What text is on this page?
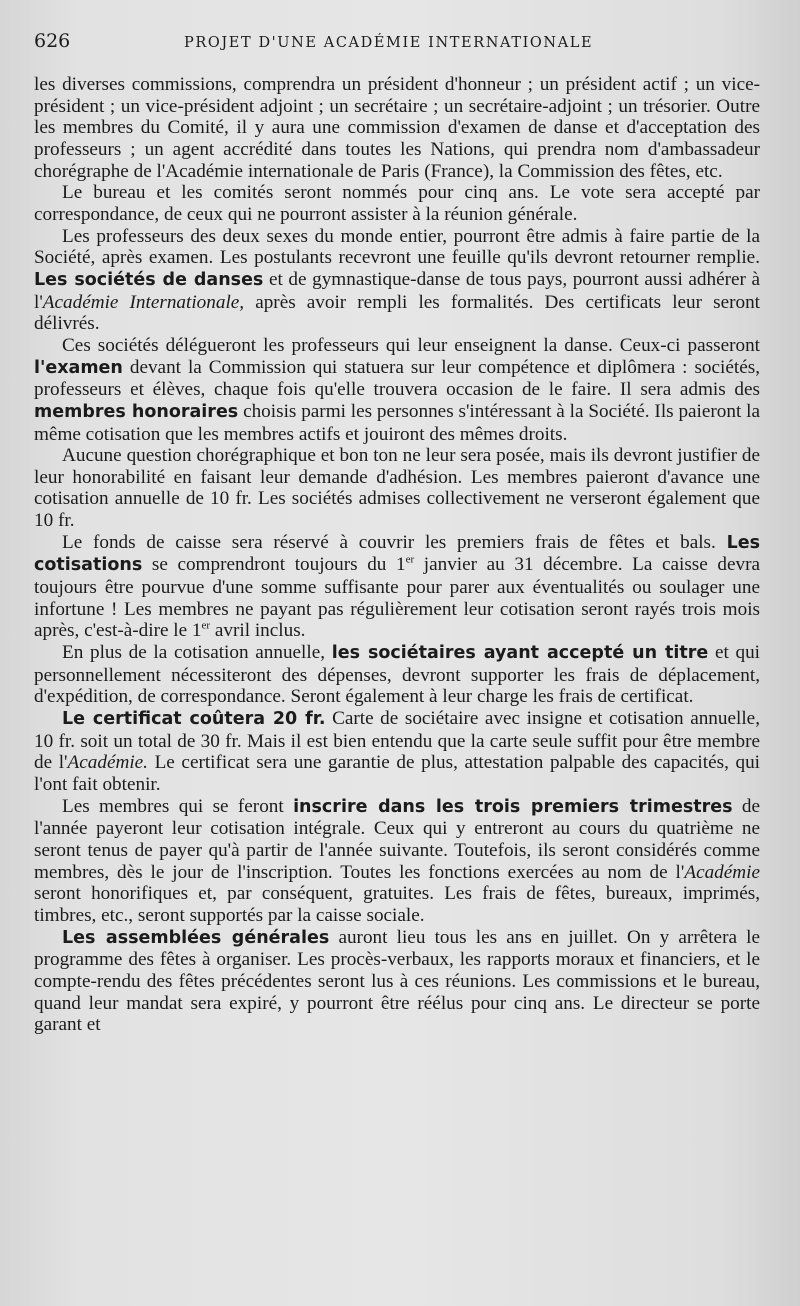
626	PROJET D'UNE ACADÉMIE INTERNATIONALE

les diverses commissions, comprendra un président d'honneur ; un président actif ; un vice-président ; un vice-président adjoint ; un secrétaire ; un secrétaire-adjoint ; un trésorier. Outre les membres du Comité, il y aura une commission d'examen de danse et d'acceptation des professeurs ; un agent accrédité dans toutes les Nations, qui prendra nom d'ambassadeur chorégraphe de l'Académie internationale de Paris (France), la Commission des fêtes, etc.

Le bureau et les comités seront nommés pour cinq ans. Le vote sera accepté par correspondance, de ceux qui ne pourront assister à la réunion générale.

Les professeurs des deux sexes du monde entier, pourront être admis à faire partie de la Société, après examen. Les postulants recevront une feuille qu'ils devront retourner remplie. Les sociétés de danses et de gymnastique-danse de tous pays, pourront aussi adhérer à l'Académie Internationale, après avoir rempli les formalités. Des certificats leur seront délivrés.

Ces sociétés délégueront les professeurs qui leur enseignent la danse. Ceux-ci passeront l'examen devant la Commission qui statuera sur leur compétence et diplômera : sociétés, professeurs et élèves, chaque fois qu'elle trouvera occasion de le faire. Il sera admis des membres honoraires choisis parmi les personnes s'intéressant à la Société. Ils paieront la même cotisation que les membres actifs et jouiront des mêmes droits.

Aucune question chorégraphique et bon ton ne leur sera posée, mais ils devront justifier de leur honorabilité en faisant leur demande d'adhésion. Les membres paieront d'avance une cotisation annuelle de 10 fr. Les sociétés admises collectivement ne verseront également que 10 fr.

Le fonds de caisse sera réservé à couvrir les premiers frais de fêtes et bals. Les cotisations se comprendront toujours du 1er janvier au 31 décembre. La caisse devra toujours être pourvue d'une somme suffisante pour parer aux éventualités ou soulager une infortune ! Les membres ne payant pas régulièrement leur cotisation seront rayés trois mois après, c'est-à-dire le 1er avril inclus.

En plus de la cotisation annuelle, les sociétaires ayant accepté un titre et qui personnellement nécessiteront des dépenses, devront supporter les frais de déplacement, d'expédition, de correspondance. Seront également à leur charge les frais de certificat.

Le certificat coûtera 20 fr. Carte de sociétaire avec insigne et cotisation annuelle, 10 fr. soit un total de 30 fr. Mais il est bien entendu que la carte seule suffit pour être membre de l'Académie. Le certificat sera une garantie de plus, attestation palpable des capacités, qui l'ont fait obtenir.

Les membres qui se feront inscrire dans les trois premiers trimestres de l'année payeront leur cotisation intégrale. Ceux qui y entreront au cours du quatrième ne seront tenus de payer qu'à partir de l'année suivante. Toutefois, ils seront considérés comme membres, dès le jour de l'inscription. Toutes les fonctions exercées au nom de l'Académie seront honorifiques et, par conséquent, gratuites. Les frais de fêtes, bureaux, imprimés, timbres, etc., seront supportés par la caisse sociale.

Les assemblées générales auront lieu tous les ans en juillet. On y arrêtera le programme des fêtes à organiser. Les procès-verbaux, les rapports moraux et financiers, et le compte-rendu des fêtes précédentes seront lus à ces réunions. Les commissions et le bureau, quand leur mandat sera expiré, y pourront être réélus pour cinq ans. Le directeur se porte garant et
